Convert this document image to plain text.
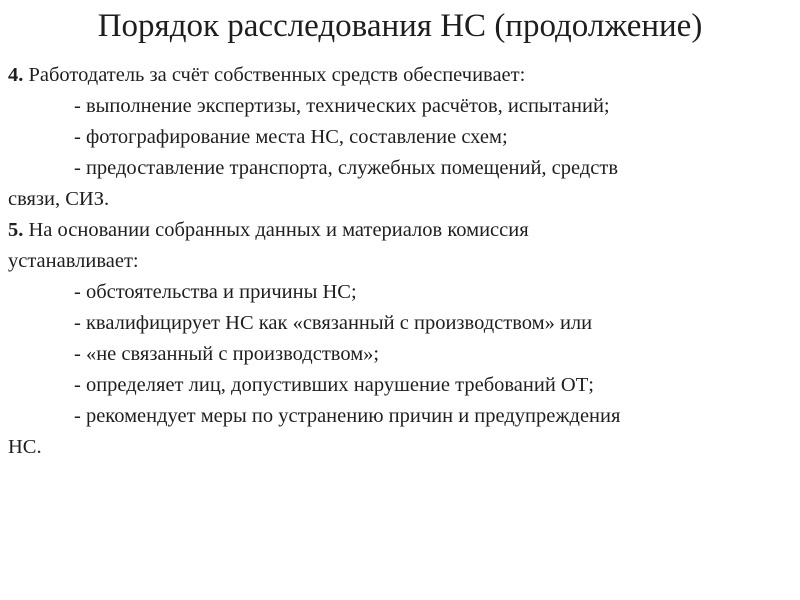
Порядок расследования НС (продолжение)
4. Работодатель за счёт собственных средств обеспечивает:
- выполнение экспертизы, технических расчётов, испытаний;
- фотографирование места НС, составление схем;
- предоставление транспорта, служебных помещений, средств
связи, СИЗ.
5. На основании собранных данных и материалов комиссия
устанавливает:
- обстоятельства и причины НС;
- квалифицирует НС как «связанный с производством» или
- «не связанный с производством»;
- определяет лиц, допустивших нарушение требований ОТ;
- рекомендует меры по устранению причин и предупреждения
НС.
